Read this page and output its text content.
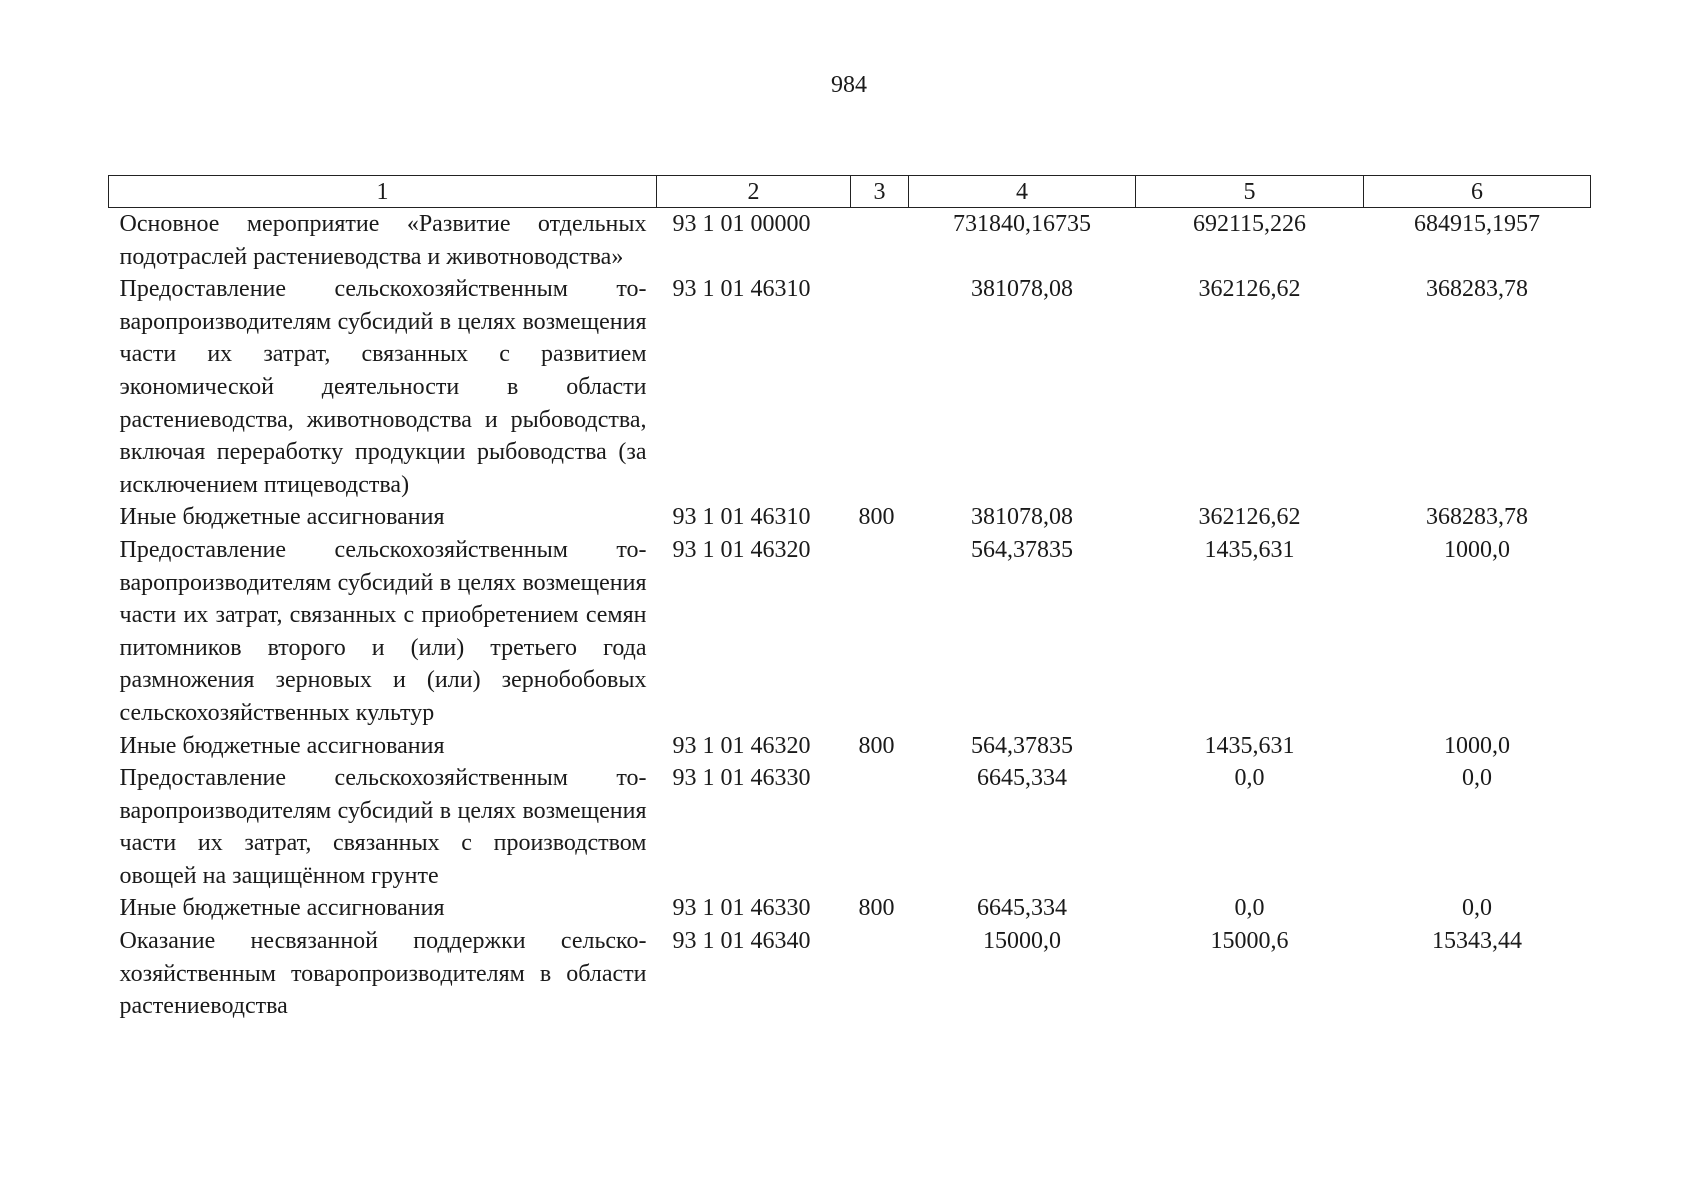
984
1	2	3	4	5	6
Основное мероприятие «Развитие отдельных подотраслей растениеводства и животноводства»	93 1 01 00000		731840,16735	692115,226	684915,1957
Предоставление сельскохозяйственным товаропроизводителям субсидий в целях возмещения части их затрат, связанных с развитием экономической деятельности в области растениеводства, животноводства и рыбоводства, включая переработку продукции рыбоводства (за исключением птицеводства)	93 1 01 46310		381078,08	362126,62	368283,78
Иные бюджетные ассигнования	93 1 01 46310	800	381078,08	362126,62	368283,78
Предоставление сельскохозяйственным товаропроизводителям субсидий в целях возмещения части их затрат, связанных с приобретением семян питомников второго и (или) третьего года размножения зерновых и (или) зернобобовых сельскохозяйственных культур	93 1 01 46320		564,37835	1435,631	1000,0
Иные бюджетные ассигнования	93 1 01 46320	800	564,37835	1435,631	1000,0
Предоставление сельскохозяйственным товаропроизводителям субсидий в целях возмещения части их затрат, связанных с производством овощей на защищённом грунте	93 1 01 46330		6645,334	0,0	0,0
Иные бюджетные ассигнования	93 1 01 46330	800	6645,334	0,0	0,0
Оказание несвязанной поддержки сельскохозяйственным товаропроизводителям в области растениеводства	93 1 01 46340		15000,0	15000,6	15343,44
